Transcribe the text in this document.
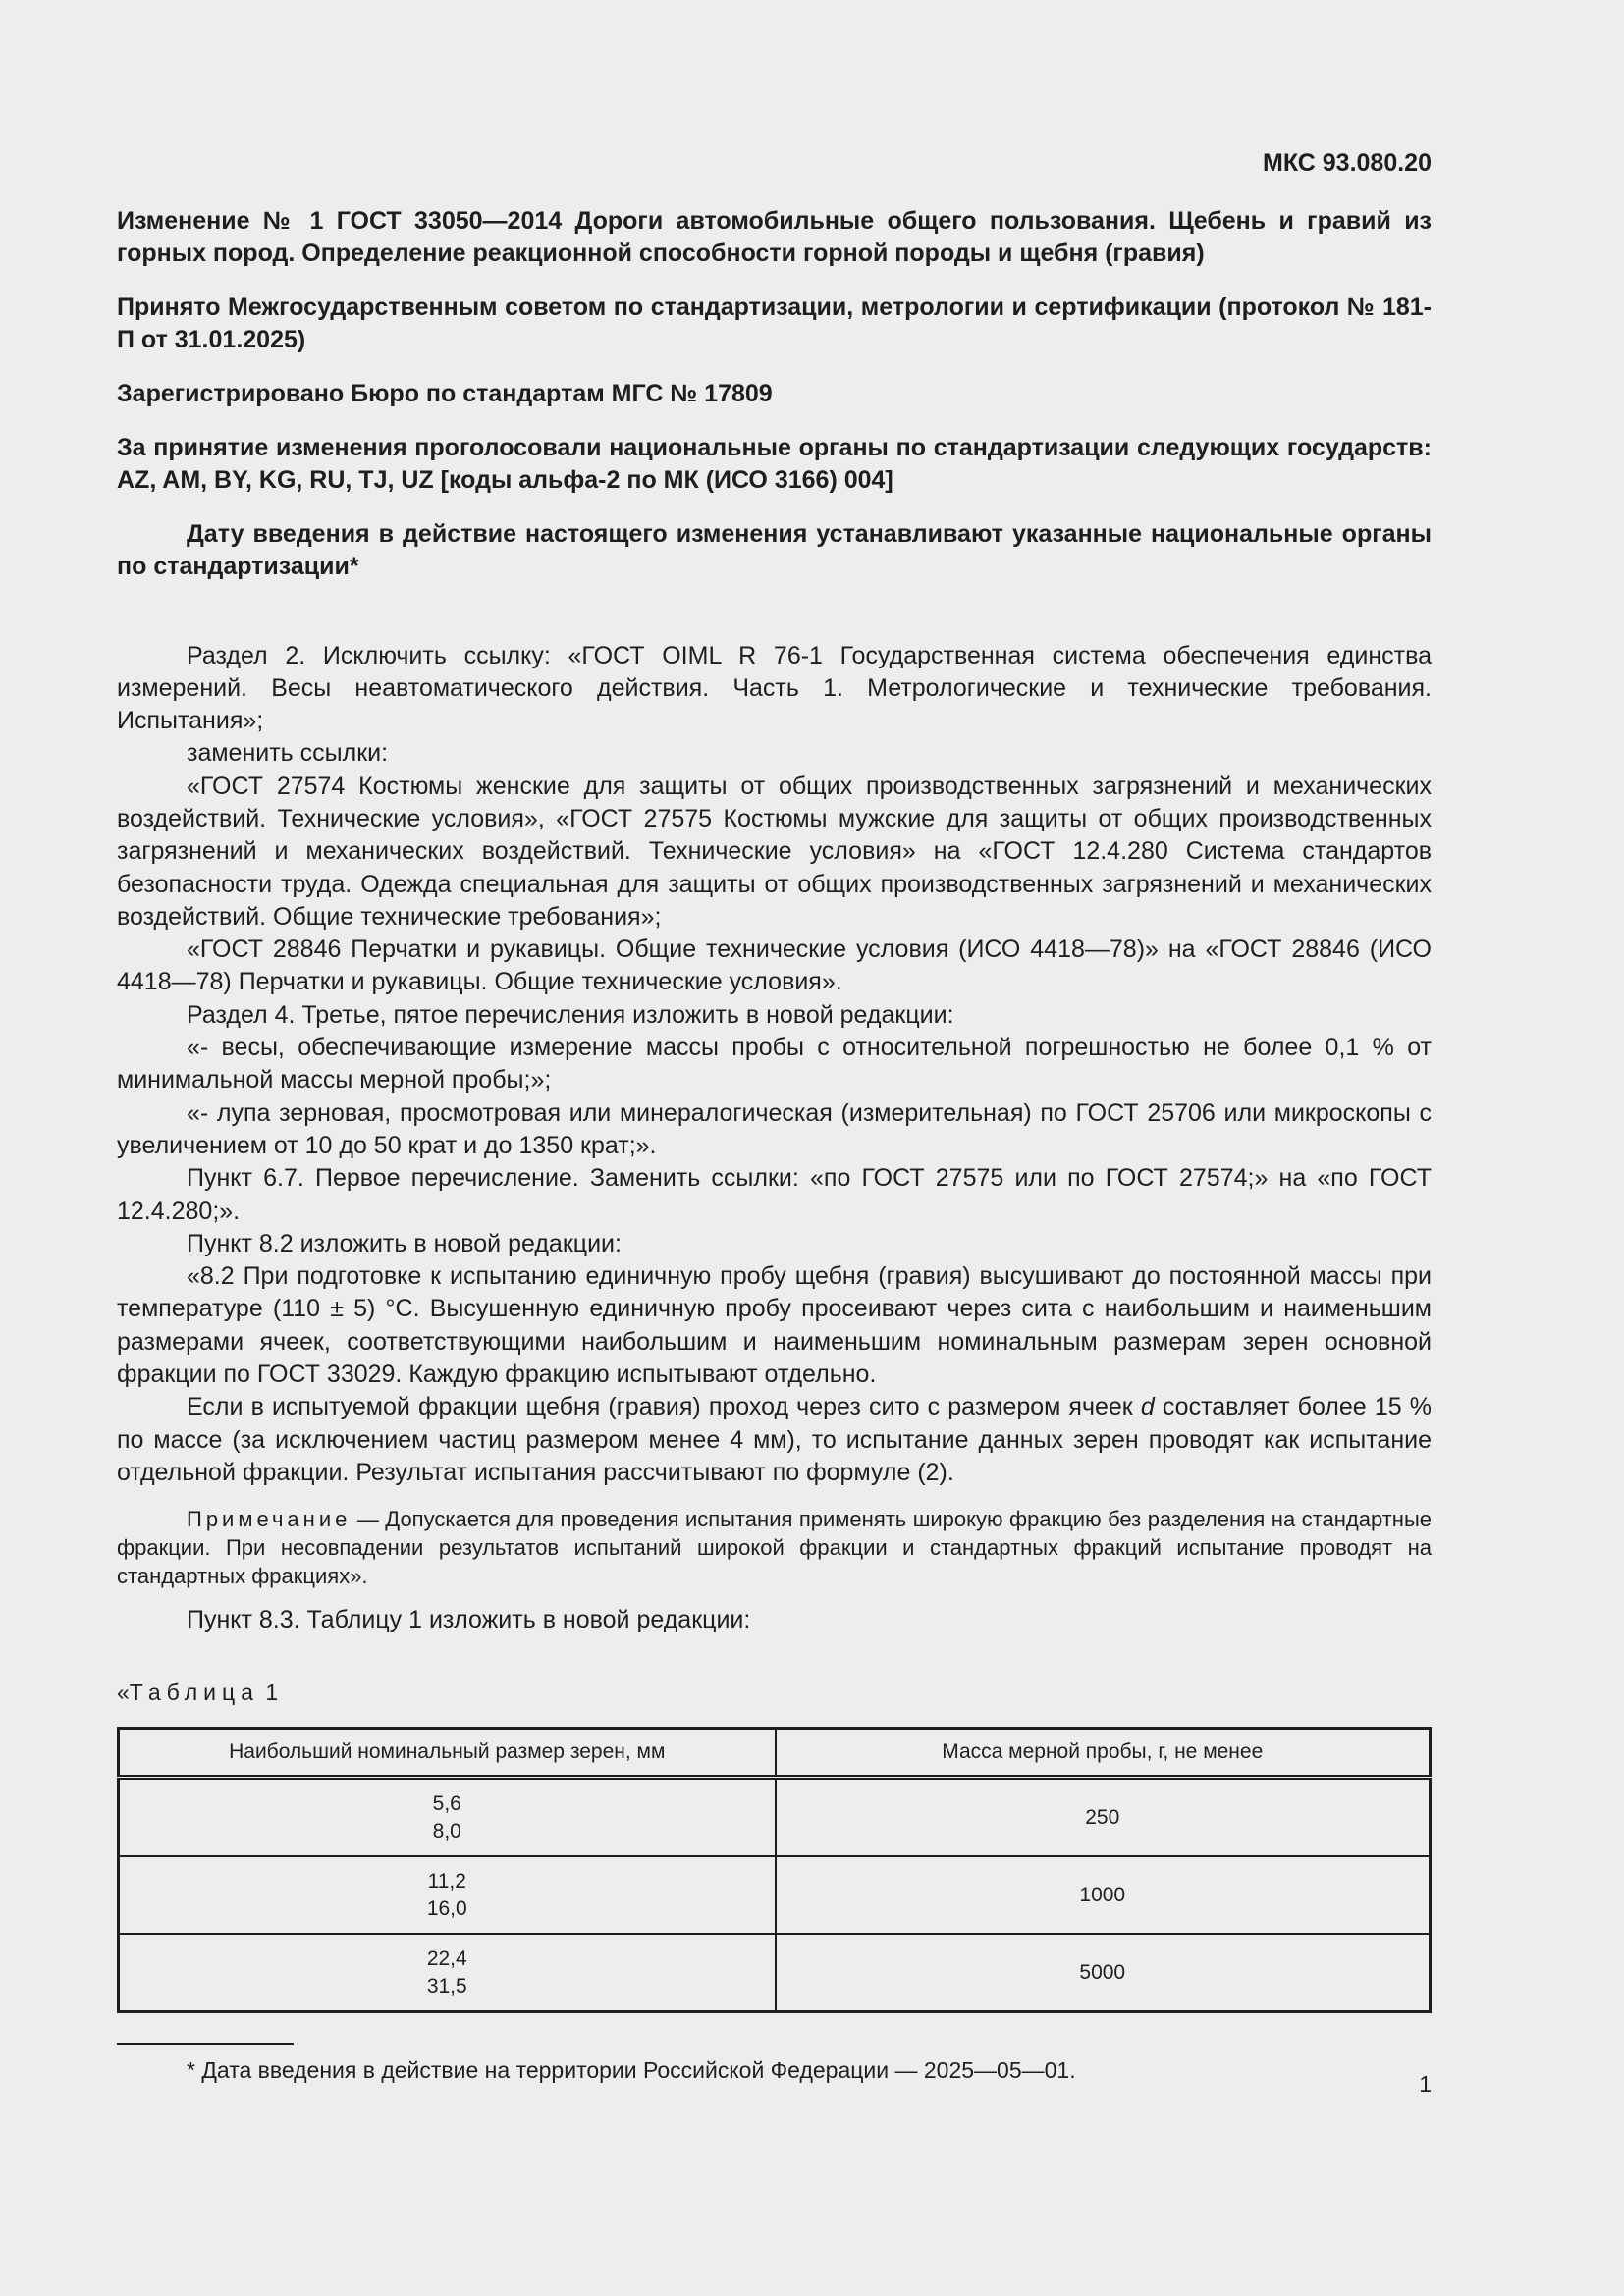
МКС 93.080.20
Изменение № 1 ГОСТ 33050—2014 Дороги автомобильные общего пользования. Щебень и гравий из горных пород. Определение реакционной способности горной породы и щебня (гравия)
Принято Межгосударственным советом по стандартизации, метрологии и сертификации (протокол № 181-П от 31.01.2025)
Зарегистрировано Бюро по стандартам МГС № 17809
За принятие изменения проголосовали национальные органы по стандартизации следующих государств: AZ, AM, BY, KG, RU, TJ, UZ [коды альфа-2 по МК (ИСО 3166) 004]
Дату введения в действие настоящего изменения устанавливают указанные национальные органы по стандартизации*

Раздел 2. Исключить ссылку: «ГОСТ OIML R 76-1 Государственная система обеспечения единства измерений. Весы неавтоматического действия. Часть 1. Метрологические и технические требования. Испытания»;

заменить ссылки:

«ГОСТ 27574 Костюмы женские для защиты от общих производственных загрязнений и механических воздействий. Технические условия», «ГОСТ 27575 Костюмы мужские для защиты от общих производственных загрязнений и механических воздействий. Технические условия» на «ГОСТ 12.4.280 Система стандартов безопасности труда. Одежда специальная для защиты от общих производственных загрязнений и механических воздействий. Общие технические требования»;

«ГОСТ 28846 Перчатки и рукавицы. Общие технические условия (ИСО 4418—78)» на «ГОСТ 28846 (ИСО 4418—78) Перчатки и рукавицы. Общие технические условия».

Раздел 4. Третье, пятое перечисления изложить в новой редакции:

«- весы, обеспечивающие измерение массы пробы с относительной погрешностью не более 0,1 % от минимальной массы мерной пробы;»;

«- лупа зерновая, просмотровая или минералогическая (измерительная) по ГОСТ 25706 или микроскопы с увеличением от 10 до 50 крат и до 1350 крат;».

Пункт 6.7. Первое перечисление. Заменить ссылки: «по ГОСТ 27575 или по ГОСТ 27574;» на «по ГОСТ 12.4.280;».

Пункт 8.2 изложить в новой редакции:

«8.2 При подготовке к испытанию единичную пробу щебня (гравия) высушивают до постоянной массы при температуре (110 ± 5) °С. Высушенную единичную пробу просеивают через сита с наибольшим и наименьшим размерами ячеек, соответствующими наибольшим и наименьшим номинальным размерам зерен основной фракции по ГОСТ 33029. Каждую фракцию испытывают отдельно.

Если в испытуемой фракции щебня (гравия) проход через сито с размером ячеек d составляет более 15 % по массе (за исключением частиц размером менее 4 мм), то испытание данных зерен проводят как испытание отдельной фракции. Результат испытания рассчитывают по формуле (2).

Примечание — Допускается для проведения испытания применять широкую фракцию без разделения на стандартные фракции. При несовпадении результатов испытаний широкой фракции и стандартных фракций испытание проводят на стандартных фракциях».

Пункт 8.3. Таблицу 1 изложить в новой редакции:

«Таблица 1
Наибольший номинальный размер зерен, мм	Масса мерной пробы, г, не менее

5,6
8,0	250

11,2
16,0	1000

22,4
31,5	5000

* Дата введения в действие на территории Российской Федерации — 2025—05—01.

1
